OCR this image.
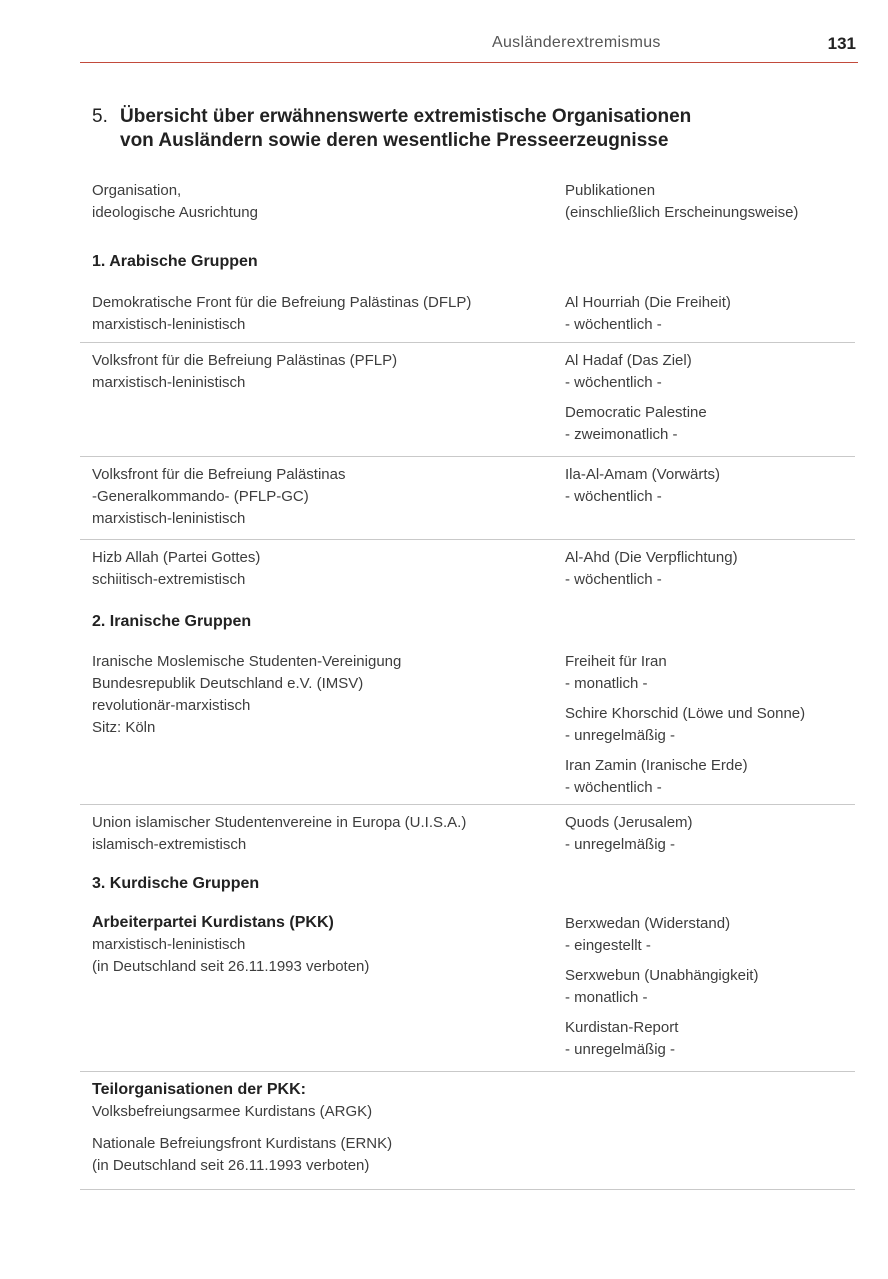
Ausländerextremismus	131
5. Übersicht über erwähnenswerte extremistische Organisationen
von Ausländern sowie deren wesentliche Presseerzeugnisse
Organisation,
ideologische Ausrichtung
Publikationen
(einschließlich Erscheinungsweise)
1. Arabische Gruppen
Demokratische Front für die Befreiung Palästinas (DFLP)
marxistisch-leninistisch
Al Hourriah (Die Freiheit)
- wöchentlich -
Volksfront für die Befreiung Palästinas (PFLP)
marxistisch-leninistisch
Al Hadaf (Das Ziel)
- wöchentlich -
Democratic Palestine
- zweimonatlich -
Volksfront für die Befreiung Palästinas
-Generalkommando- (PFLP-GC)
marxistisch-leninistisch
Ila-Al-Amam (Vorwärts)
- wöchentlich -
Hizb Allah (Partei Gottes)
schiitisch-extremistisch
Al-Ahd (Die Verpflichtung)
- wöchentlich -
2. Iranische Gruppen
Iranische Moslemische Studenten-Vereinigung
Bundesrepublik Deutschland e.V. (IMSV)
revolutionär-marxistisch
Sitz: Köln
Freiheit für Iran
- monatlich -
Schire Khorschid (Löwe und Sonne)
- unregelmäßig -
Iran Zamin (Iranische Erde)
- wöchentlich -
Union islamischer Studentenvereine in Europa (U.I.S.A.)
islamisch-extremistisch
Quods (Jerusalem)
- unregelmäßig -
3. Kurdische Gruppen
Arbeiterpartei Kurdistans (PKK)
marxistisch-leninistisch
(in Deutschland seit 26.11.1993 verboten)
Berxwedan (Widerstand)
- eingestellt -
Serxwebun (Unabhängigkeit)
- monatlich -
Kurdistan-Report
- unregelmäßig -
Teilorganisationen der PKK:
Volksbefreiungsarmee Kurdistans (ARGK)
Nationale Befreiungsfront Kurdistans (ERNK)
(in Deutschland seit 26.11.1993 verboten)
